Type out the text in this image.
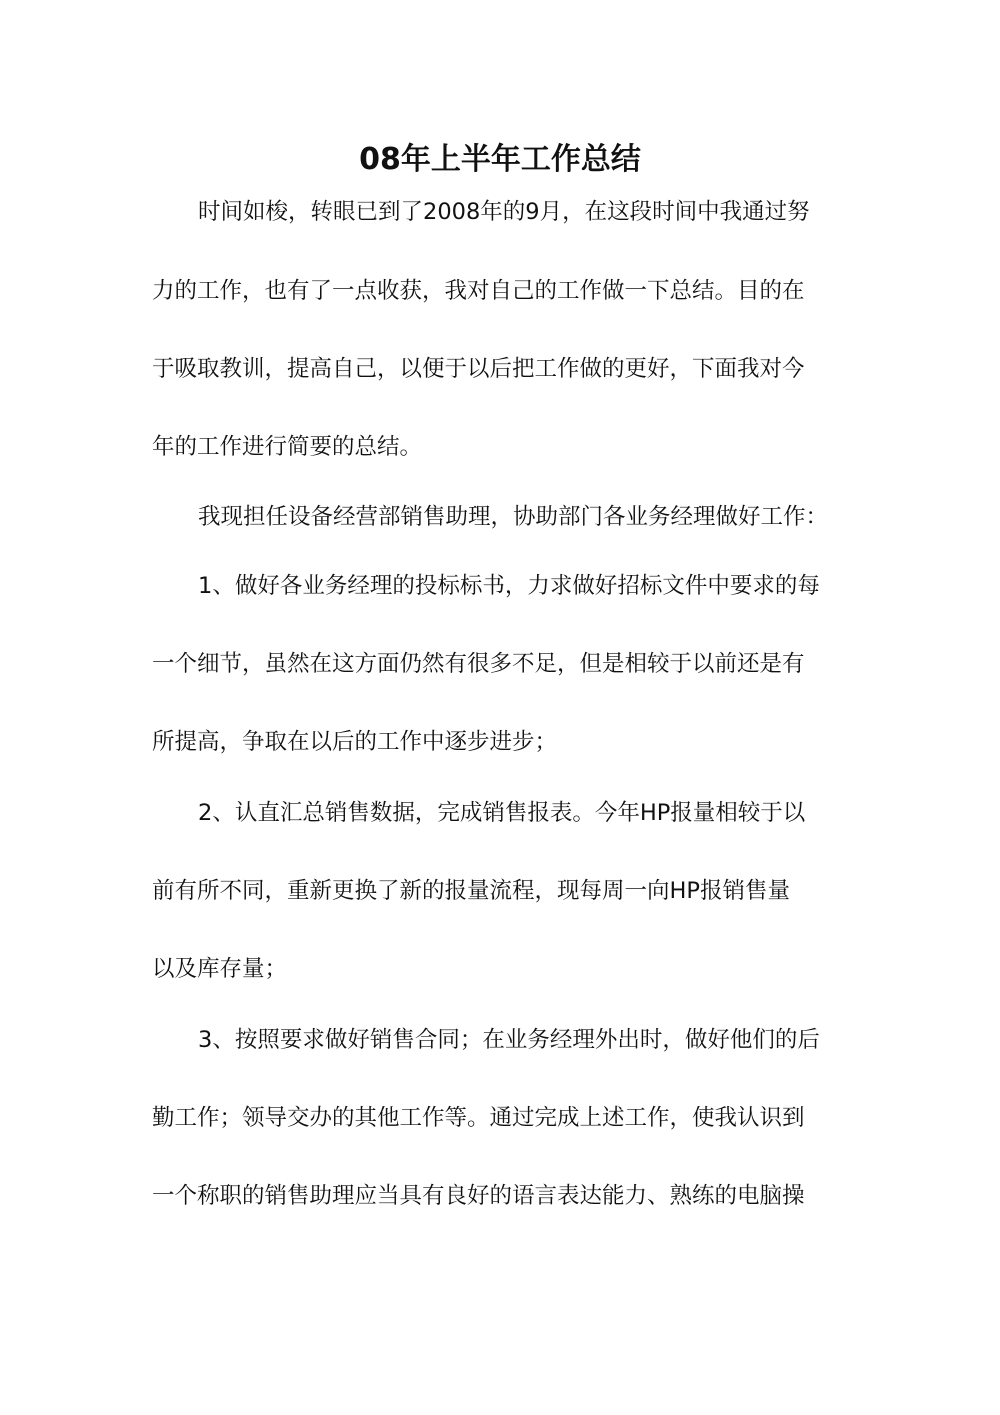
08年上半年工作总结
时间如梭，转眼已到了2008年的9月，在这段时间中我通过努
力的工作，也有了一点收获，我对自己的工作做一下总结。目的在
于吸取教训，提高自己，以便于以后把工作做的更好，下面我对今
年的工作进行简要的总结。
我现担任设备经营部销售助理，协助部门各业务经理做好工作：
1、做好各业务经理的投标标书，力求做好招标文件中要求的每
一个细节，虽然在这方面仍然有很多不足，但是相较于以前还是有
所提高，争取在以后的工作中逐步进步；
2、认直汇总销售数据，完成销售报表。今年HP报量相较于以
前有所不同，重新更换了新的报量流程，现每周一向HP报销售量
以及库存量；
3、按照要求做好销售合同；在业务经理外出时，做好他们的后
勤工作；领导交办的其他工作等。通过完成上述工作，使我认识到
一个称职的销售助理应当具有良好的语言表达能力、熟练的电脑操
